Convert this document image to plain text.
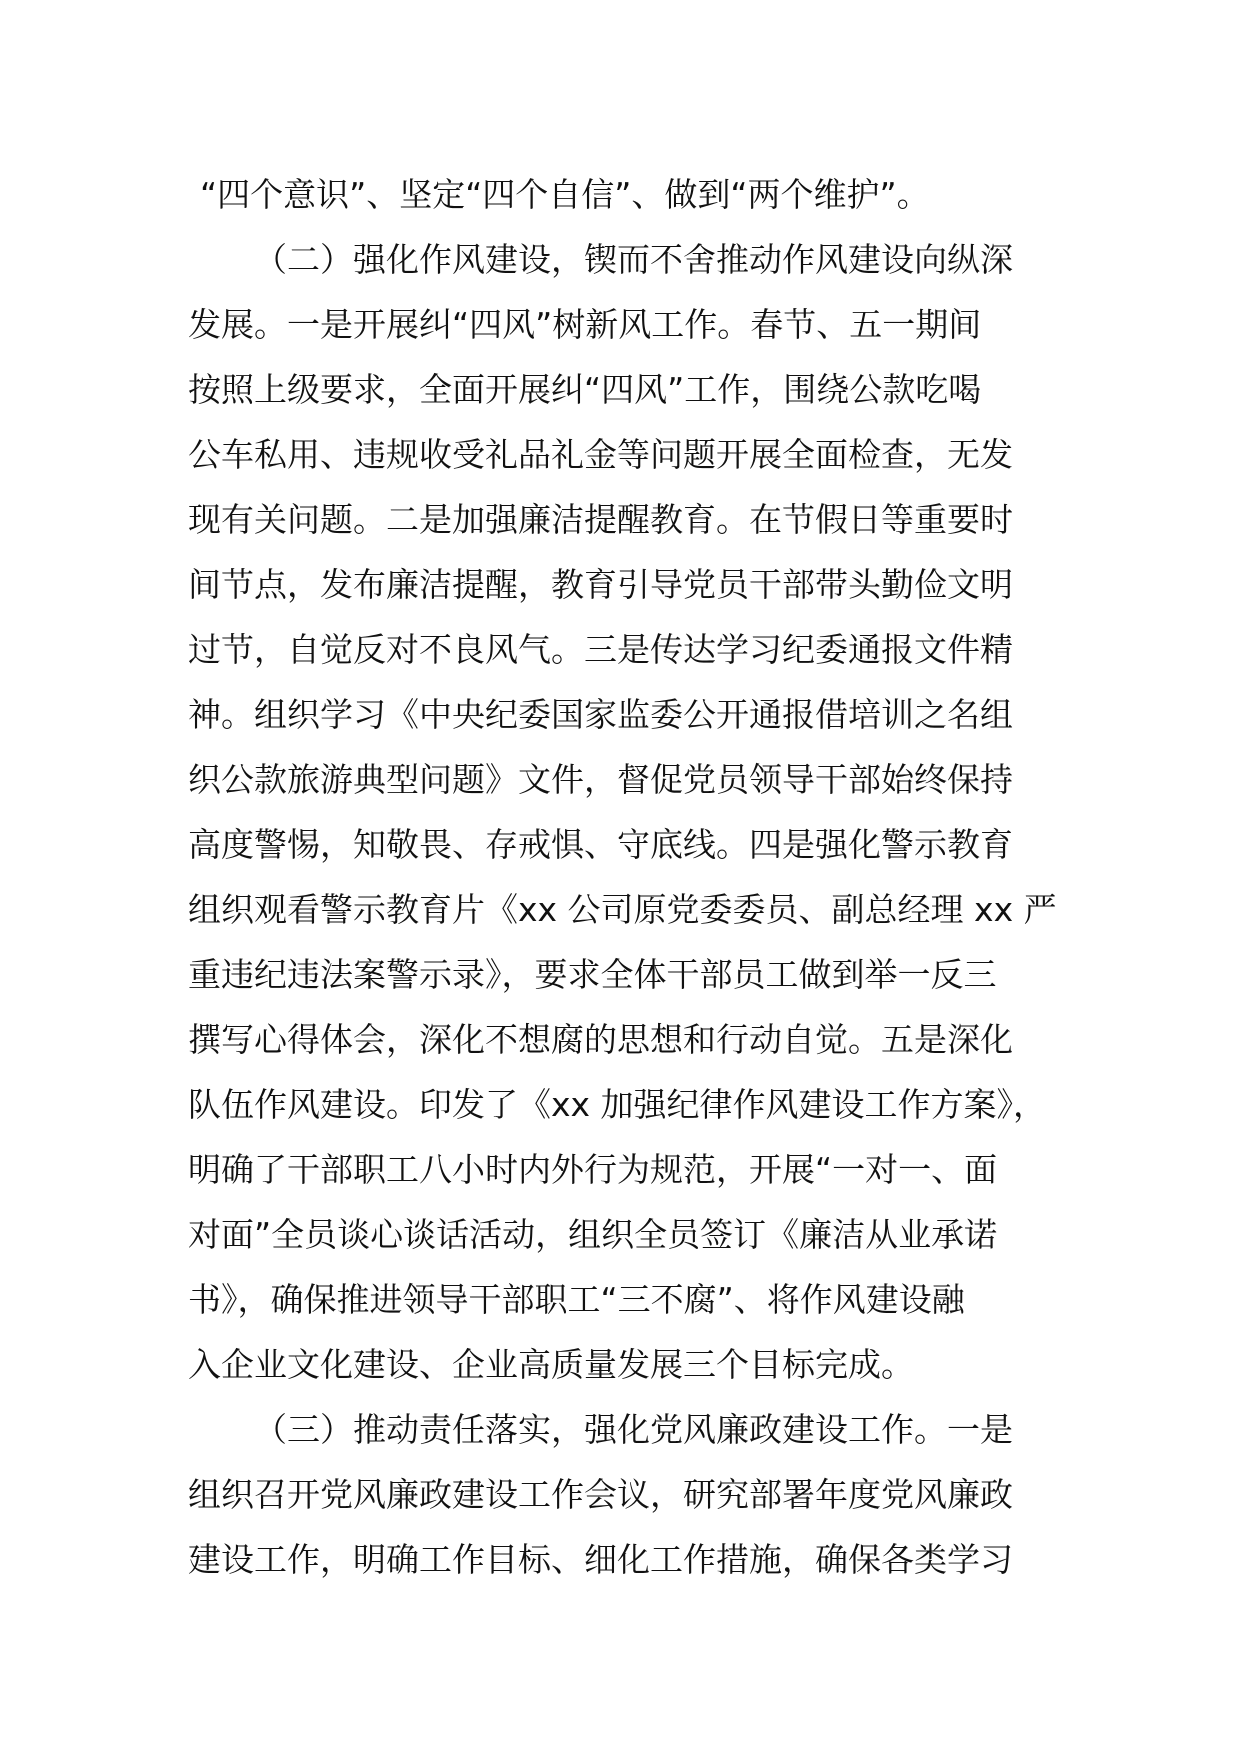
“四个意识”、坚定“四个自信”、做到“两个维护”。
（二）强化作风建设，锲而不舍推动作风建设向纵深
发展。一是开展纠“四风”树新风工作。春节、五一期间
按照上级要求，全面开展纠“四风”工作，围绕公款吃喝
公车私用、违规收受礼品礼金等问题开展全面检查，无发
现有关问题。二是加强廉洁提醒教育。在节假日等重要时
间节点，发布廉洁提醒，教育引导党员干部带头勤俭文明
过节，自觉反对不良风气。三是传达学习纪委通报文件精
神。组织学习《中央纪委国家监委公开通报借培训之名组
织公款旅游典型问题》文件，督促党员领导干部始终保持
高度警惕，知敬畏、存戒惧、守底线。四是强化警示教育
组织观看警示教育片《xx 公司原党委委员、副总经理 xx 严
重违纪违法案警示录》，要求全体干部员工做到举一反三
撰写心得体会，深化不想腐的思想和行动自觉。五是深化
队伍作风建设。印发了《xx 加强纪律作风建设工作方案》，
明确了干部职工八小时内外行为规范，开展“一对一、面
对面”全员谈心谈话活动，组织全员签订《廉洁从业承诺
书》，确保推进领导干部职工“三不腐”、将作风建设融
入企业文化建设、企业高质量发展三个目标完成。
（三）推动责任落实，强化党风廉政建设工作。一是
组织召开党风廉政建设工作会议，研究部署年度党风廉政
建设工作，明确工作目标、细化工作措施，确保各类学习
